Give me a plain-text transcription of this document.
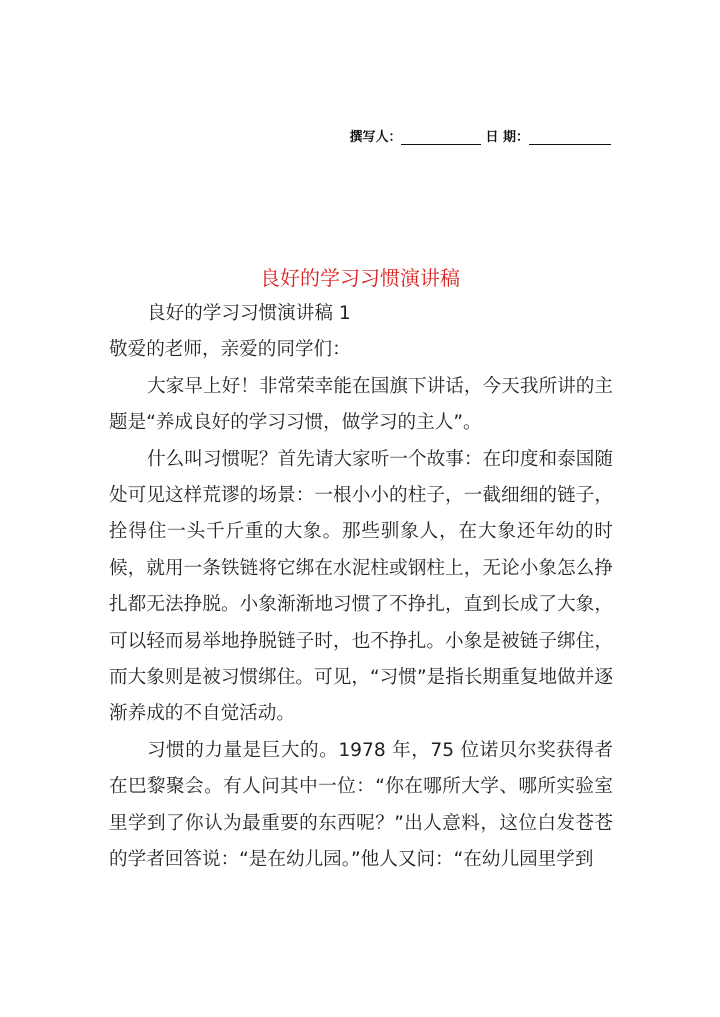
撰写人：	日 期：
良好的学习习惯演讲稿

良好的学习习惯演讲稿 1

敬爱的老师，亲爱的同学们：

大家早上好！非常荣幸能在国旗下讲话，今天我所讲的主题是“养成良好的学习习惯，做学习的主人”。

什么叫习惯呢？首先请大家听一个故事：在印度和泰国随处可见这样荒谬的场景：一根小小的柱子，一截细细的链子，拴得住一头千斤重的大象。那些驯象人，在大象还年幼的时候，就用一条铁链将它绑在水泥柱或钢柱上，无论小象怎么挣扎都无法挣脱。小象渐渐地习惯了不挣扎，直到长成了大象，可以轻而易举地挣脱链子时，也不挣扎。小象是被链子绑住，而大象则是被习惯绑住。可见，“习惯”是指长期重复地做并逐渐养成的不自觉活动。

习惯的力量是巨大的。1978 年，75 位诺贝尔奖获得者在巴黎聚会。有人问其中一位：“你在哪所大学、哪所实验室里学到了你认为最重要的东西呢？”出人意料，这位白发苍苍的学者回答说：“是在幼儿园。”他人又问：“在幼儿园里学到
